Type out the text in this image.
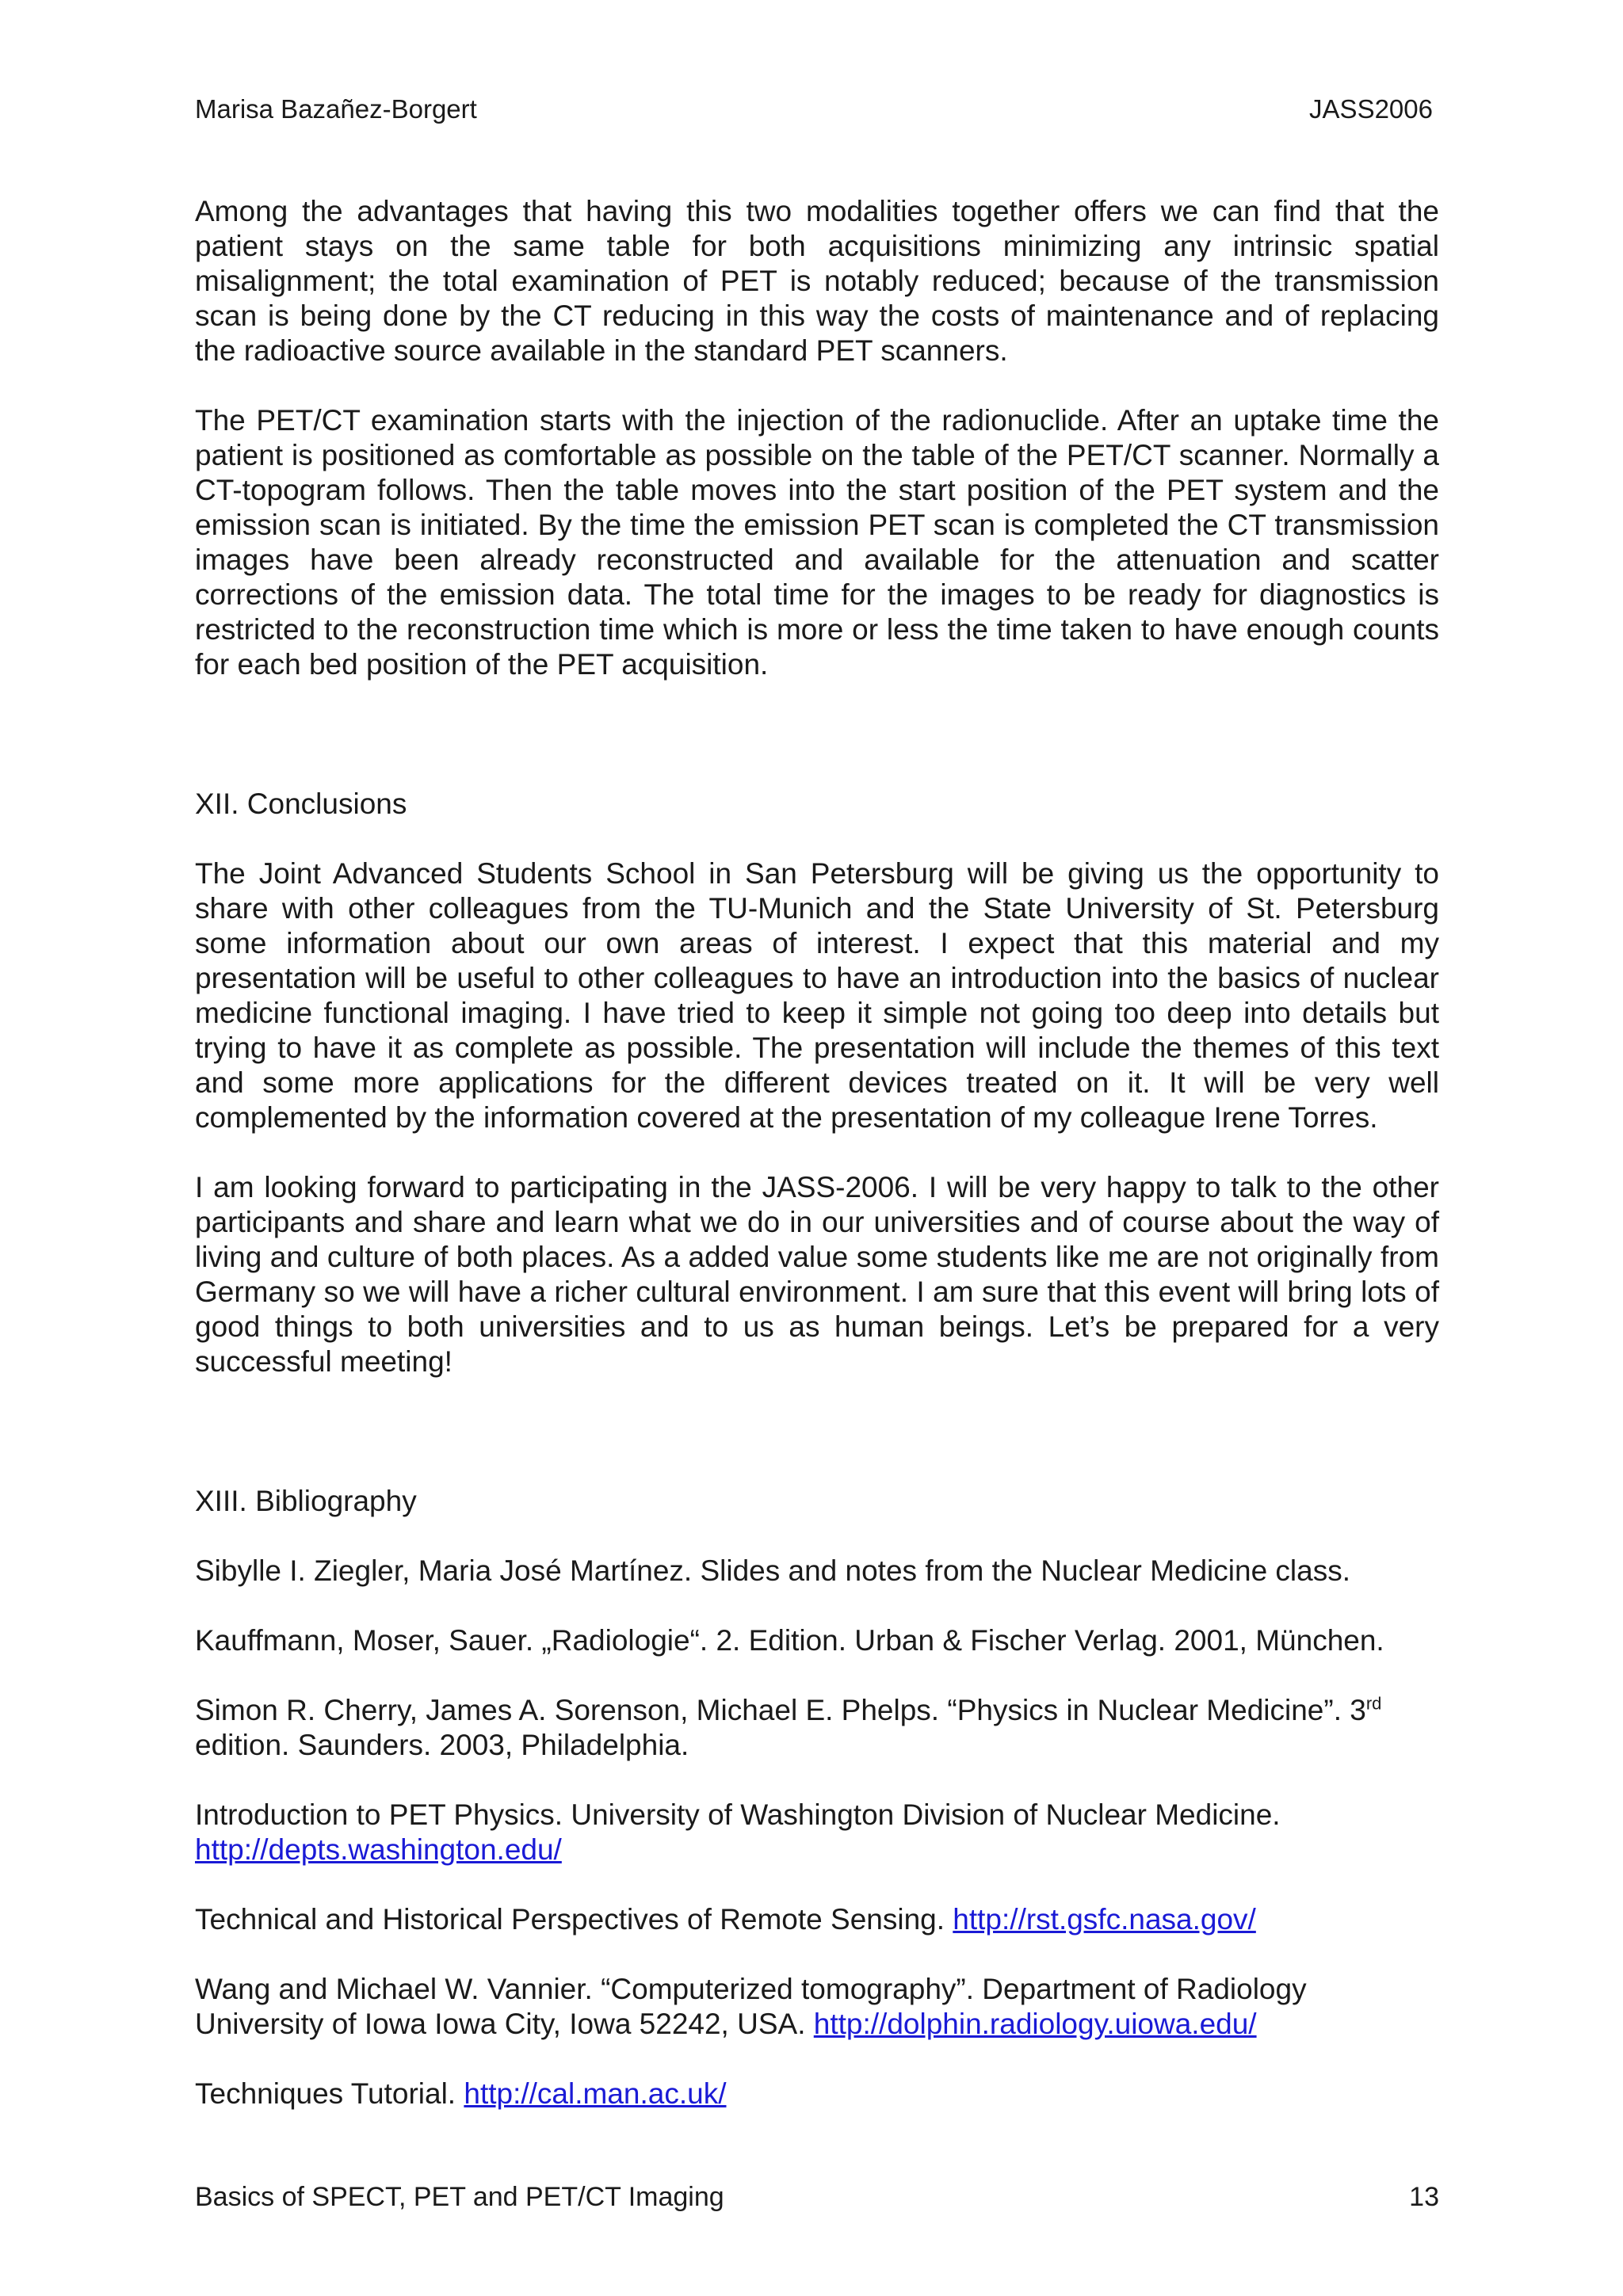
Marisa Bazañez-Borgert	JASS2006

Among the advantages that having this two modalities together offers we can find that the patient stays on the same table for both acquisitions minimizing any intrinsic spatial misalignment; the total examination of PET is notably reduced; because of the transmission scan is being done by the CT reducing in this way the costs of maintenance and of replacing the radioactive source available in the standard PET scanners.

The PET/CT examination starts with the injection of the radionuclide. After an uptake time the patient is positioned as comfortable as possible on the table of the PET/CT scanner. Normally a CT-topogram follows. Then the table moves into the start position of the PET system and the emission scan is initiated. By the time the emission PET scan is completed the CT transmission images have been already reconstructed and available for the attenuation and scatter corrections of the emission data. The total time for the images to be ready for diagnostics is restricted to the reconstruction time which is more or less the time taken to have enough counts for each bed position of the PET acquisition.

XII. Conclusions

The Joint Advanced Students School in San Petersburg will be giving us the opportunity to share with other colleagues from the TU-Munich and the State University of St. Petersburg some information about our own areas of interest. I expect that this material and my presentation will be useful to other colleagues to have an introduction into the basics of nuclear medicine functional imaging. I have tried to keep it simple not going too deep into details but trying to have it as complete as possible. The presentation will include the themes of this text and some more applications for the different devices treated on it. It will be very well complemented by the information covered at the presentation of my colleague Irene Torres.

I am looking forward to participating in the JASS-2006. I will be very happy to talk to the other participants and share and learn what we do in our universities and of course about the way of living and culture of both places. As a added value some students like me are not originally from Germany so we will have a richer cultural environment. I am sure that this event will bring lots of good things to both universities and to us as human beings. Let’s be prepared for a very successful meeting!

XIII. Bibliography
Sibylle I. Ziegler, Maria José Martínez. Slides and notes from the Nuclear Medicine class.
Kauffmann, Moser, Sauer. „Radiologie“. 2. Edition. Urban & Fischer Verlag. 2001, München.
Simon R. Cherry, James A. Sorenson, Michael E. Phelps. “Physics in Nuclear Medicine”. 3rd
edition. Saunders. 2003, Philadelphia.
Introduction to PET Physics. University of Washington Division of Nuclear Medicine.
http://depts.washington.edu/
Technical and Historical Perspectives of Remote Sensing. http://rst.gsfc.nasa.gov/
Wang and Michael W. Vannier. “Computerized tomography”. Department of Radiology
University of Iowa Iowa City, Iowa 52242, USA. http://dolphin.radiology.uiowa.edu/
Techniques Tutorial. http://cal.man.ac.uk/
Basics of SPECT, PET and PET/CT Imaging	13
